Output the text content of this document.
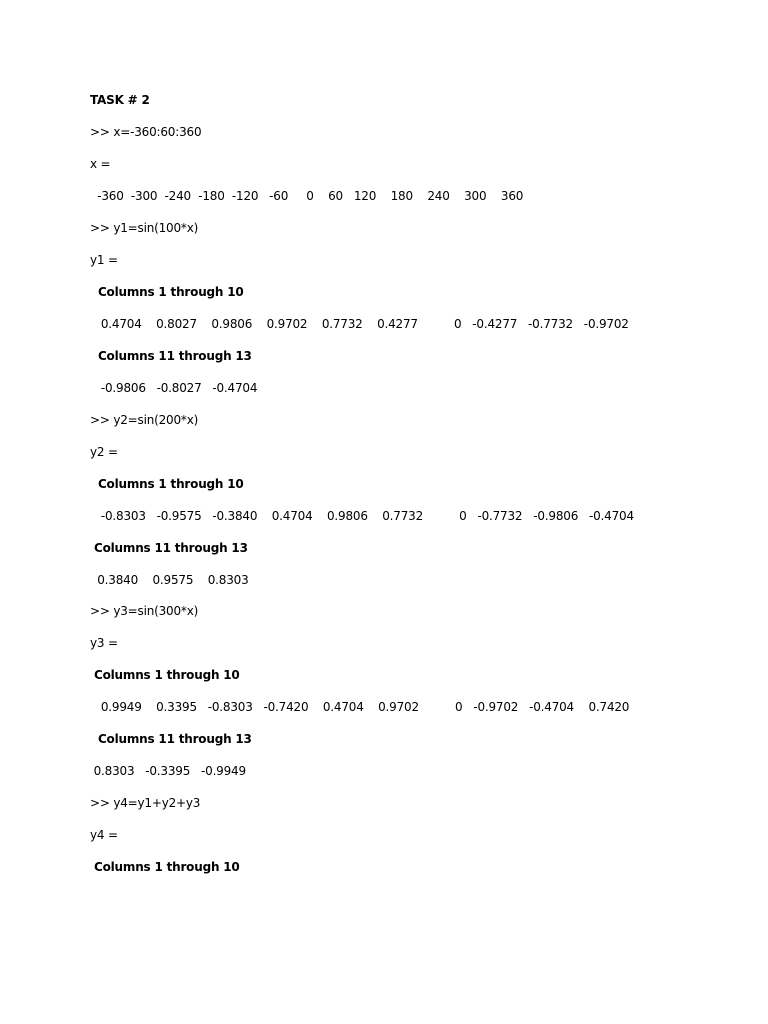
TASK # 2
>> x=-360:60:360
x =
-360  -300  -240  -180  -120   -60     0    60   120    180    240    300    360
>> y1=sin(100*x)
y1 =
Columns 1 through 10
0.4704    0.8027    0.9806    0.9702    0.7732    0.4277          0   -0.4277   -0.7732   -0.9702
Columns 11 through 13
-0.9806   -0.8027   -0.4704
>> y2=sin(200*x)
y2 =
Columns 1 through 10
-0.8303   -0.9575   -0.3840    0.4704    0.9806    0.7732          0   -0.7732   -0.9806   -0.4704
Columns 11 through 13
0.3840    0.9575    0.8303
>> y3=sin(300*x)
y3 =
Columns 1 through 10
0.9949    0.3395   -0.8303   -0.7420    0.4704    0.9702          0   -0.9702   -0.4704    0.7420
Columns 11 through 13
0.8303   -0.3395   -0.9949
>> y4=y1+y2+y3
y4 =
Columns 1 through 10
